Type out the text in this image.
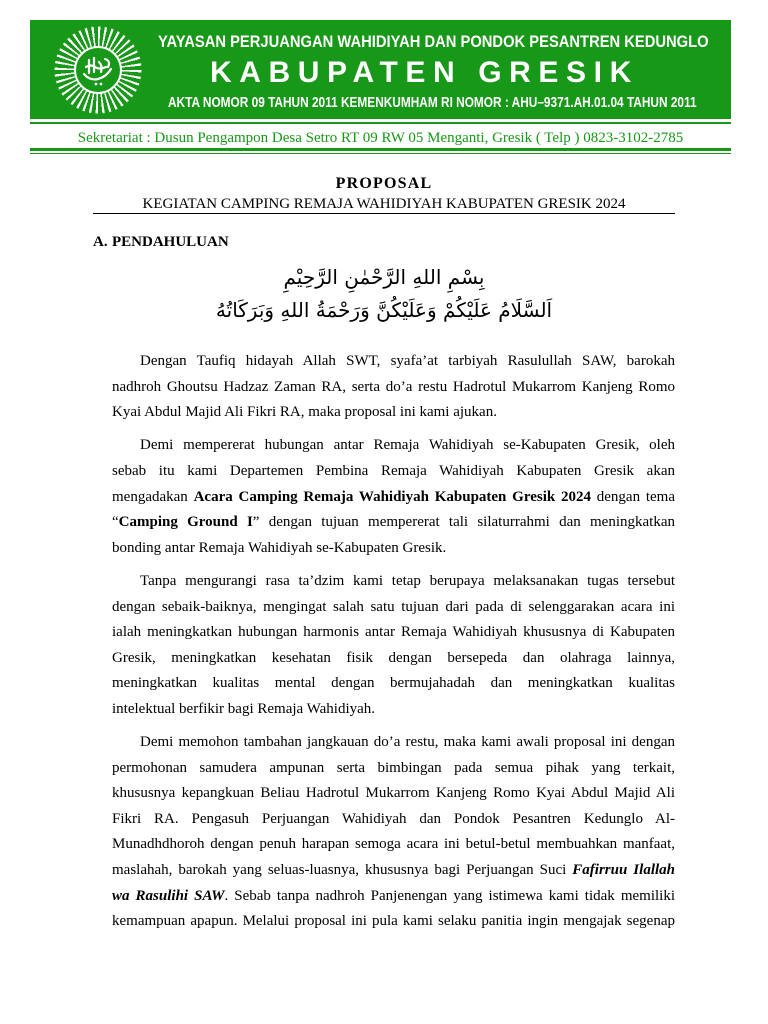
YAYASAN PERJUANGAN WAHIDIYAH DAN PONDOK PESANTREN KEDUNGLO
KABUPATEN GRESIK
AKTA NOMOR 09 TAHUN 2011 KEMENKUMHAM RI NOMOR : AHU–9371.AH.01.04 TAHUN 2011
Sekretariat : Dusun Pengampon Desa Setro RT 09 RW 05 Menganti, Gresik ( Telp ) 0823-3102-2785
PROPOSAL
KEGIATAN CAMPING REMAJA WAHIDIYAH KABUPATEN GRESIK 2024
A. PENDAHULUAN
بِسْمِ اللهِ الرَّحْمٰنِ الرَّحِيْمِ
اَلسَّلَامُ عَلَيْكُمْ وَعَلَيْكُنَّ وَرَحْمَةُ اللهِ وَبَرَكَاتُهُ
Dengan Taufiq hidayah Allah SWT, syafa’at tarbiyah Rasulullah SAW, barokah
nadhroh Ghoutsu Hadzaz Zaman RA, serta do’a restu Hadrotul Mukarrom Kanjeng Romo
Kyai Abdul Majid Ali Fikri RA, maka proposal ini kami ajukan.
Demi mempererat hubungan antar Remaja Wahidiyah se-Kabupaten Gresik, oleh
sebab itu kami Departemen Pembina Remaja Wahidiyah Kabupaten Gresik akan
mengadakan Acara Camping Remaja Wahidiyah Kabupaten Gresik 2024 dengan tema
“Camping Ground I” dengan tujuan mempererat tali silaturrahmi dan meningkatkan
bonding antar Remaja Wahidiyah se-Kabupaten Gresik.
Tanpa mengurangi rasa ta’dzim kami tetap berupaya melaksanakan tugas tersebut
dengan sebaik-baiknya, mengingat salah satu tujuan dari pada di selenggarakan acara ini
ialah meningkatkan hubungan harmonis antar Remaja Wahidiyah khususnya di Kabupaten
Gresik, meningkatkan kesehatan fisik dengan bersepeda dan olahraga lainnya,
meningkatkan kualitas mental dengan bermujahadah dan meningkatkan kualitas
intelektual berfikir bagi Remaja Wahidiyah.
Demi memohon tambahan jangkauan do’a restu, maka kami awali proposal ini dengan
permohonan samudera ampunan serta bimbingan pada semua pihak yang terkait,
khususnya kepangkuan Beliau Hadrotul Mukarrom Kanjeng Romo Kyai Abdul Majid Ali
Fikri RA. Pengasuh Perjuangan Wahidiyah dan Pondok Pesantren Kedunglo Al-
Munadhdhoroh dengan penuh harapan semoga acara ini betul-betul membuahkan manfaat,
maslahah, barokah yang seluas-luasnya, khususnya bagi Perjuangan Suci Fafirruu Ilallah
wa Rasulihi SAW. Sebab tanpa nadhroh Panjenengan yang istimewa kami tidak memiliki
kemampuan apapun. Melalui proposal ini pula kami selaku panitia ingin mengajak segenap
